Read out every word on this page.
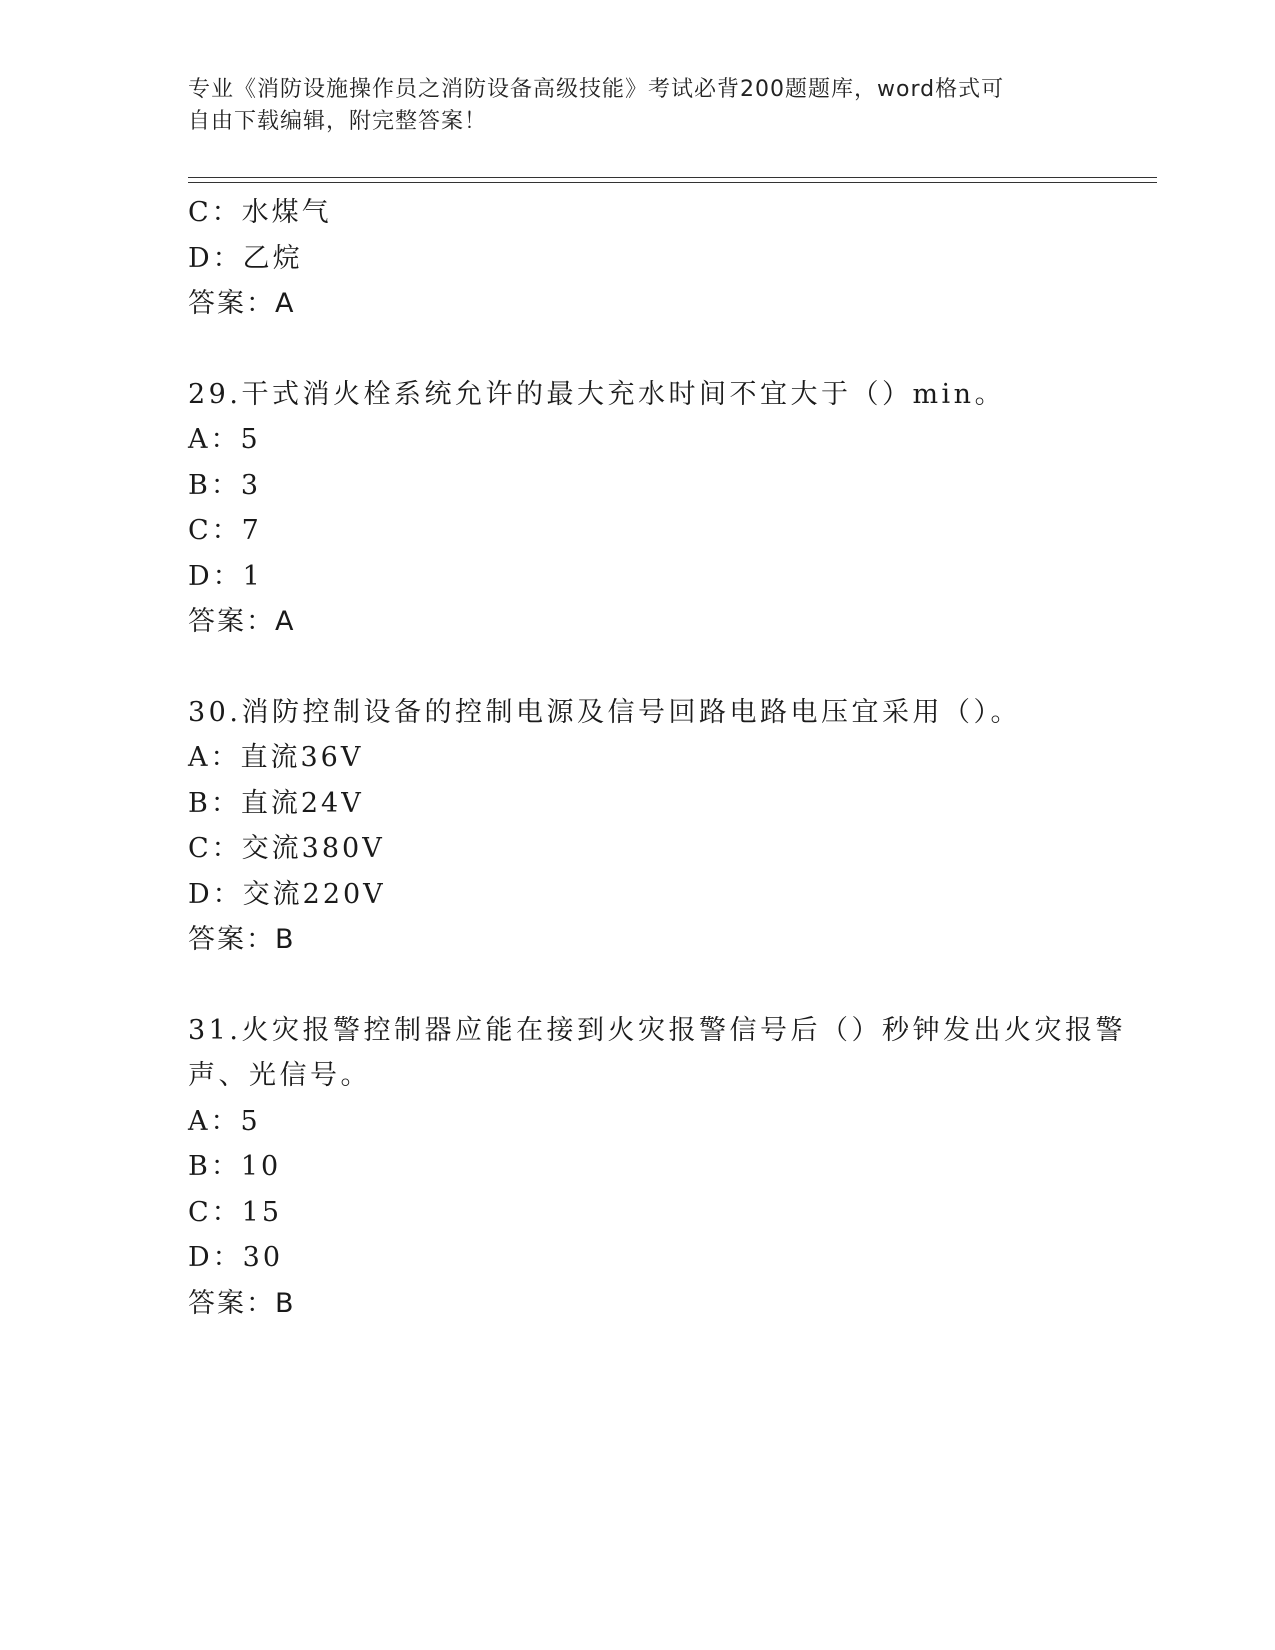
专业《消防设施操作员之消防设备高级技能》考试必背200题题库，word格式可
自由下载编辑，附完整答案！
C：水煤气
D：乙烷
答案：A
29.干式消火栓系统允许的最大充水时间不宜大于（）min。
A：5
B：3
C：7
D：1
答案：A
30.消防控制设备的控制电源及信号回路电路电压宜采用（）。
A：直流36V
B：直流24V
C：交流380V
D：交流220V
答案：B
31.火灾报警控制器应能在接到火灾报警信号后（）秒钟发出火灾报警
声、光信号。
A：5
B：10
C：15
D：30
答案：B
